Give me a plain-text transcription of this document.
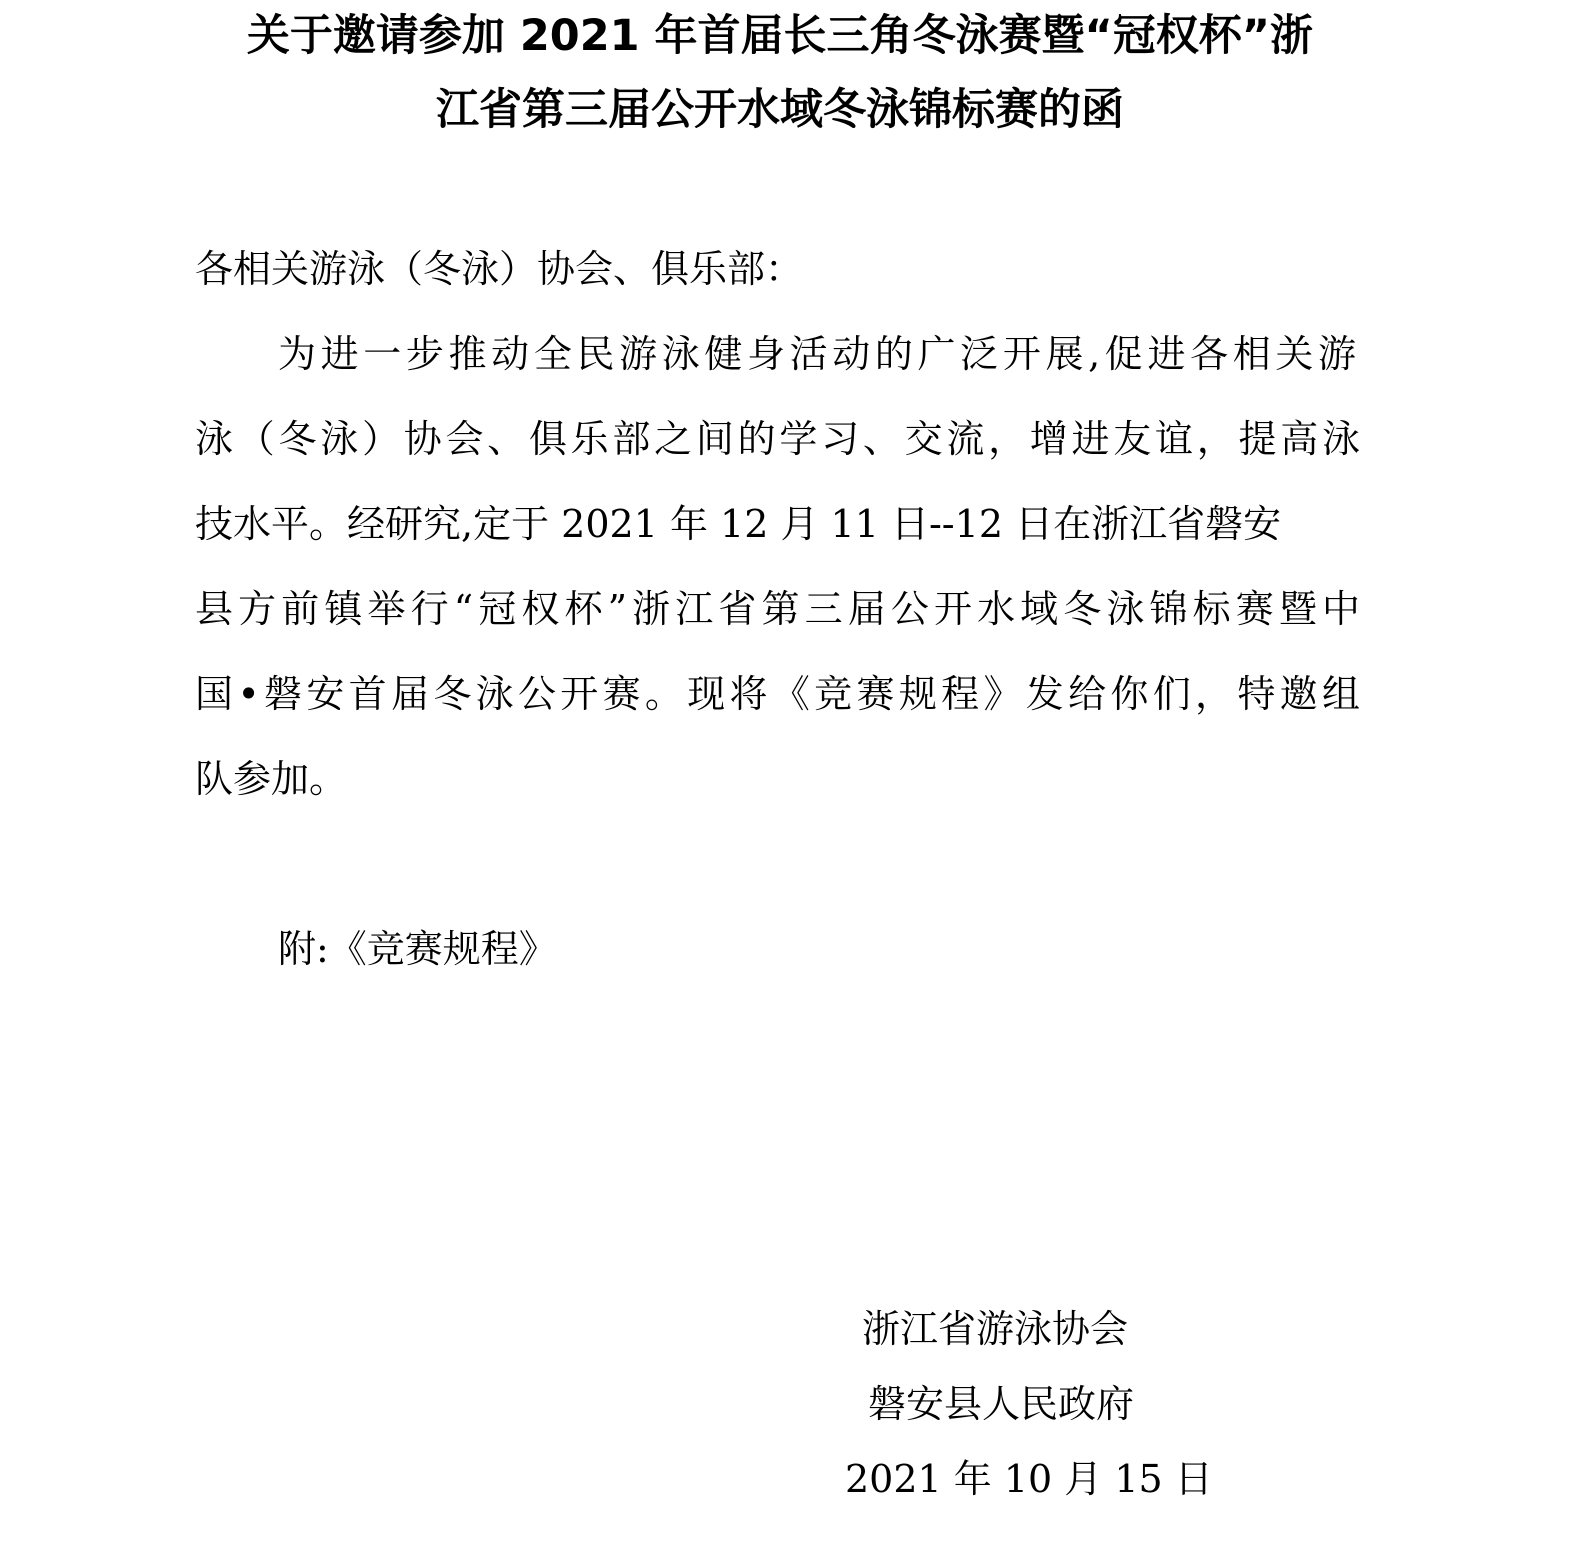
关于邀请参加 2021 年首届长三角冬泳赛暨“冠权杯”浙
江省第三届公开水域冬泳锦标赛的函

各相关游泳（冬泳）协会、俱乐部：

为进一步推动全民游泳健身活动的广泛开展,促进各相关游

泳（冬泳）协会、俱乐部之间的学习、交流，增进友谊，提高泳

技水平。经研究,定于 2021 年 12 月 11 日--12 日在浙江省磐安

县方前镇举行“冠权杯”浙江省第三届公开水域冬泳锦标赛暨中

国•磐安首届冬泳公开赛。现将《竞赛规程》发给你们，特邀组

队参加。

附:《竞赛规程》

浙江省游泳协会

磐安县人民政府

2021 年 10 月 15 日
